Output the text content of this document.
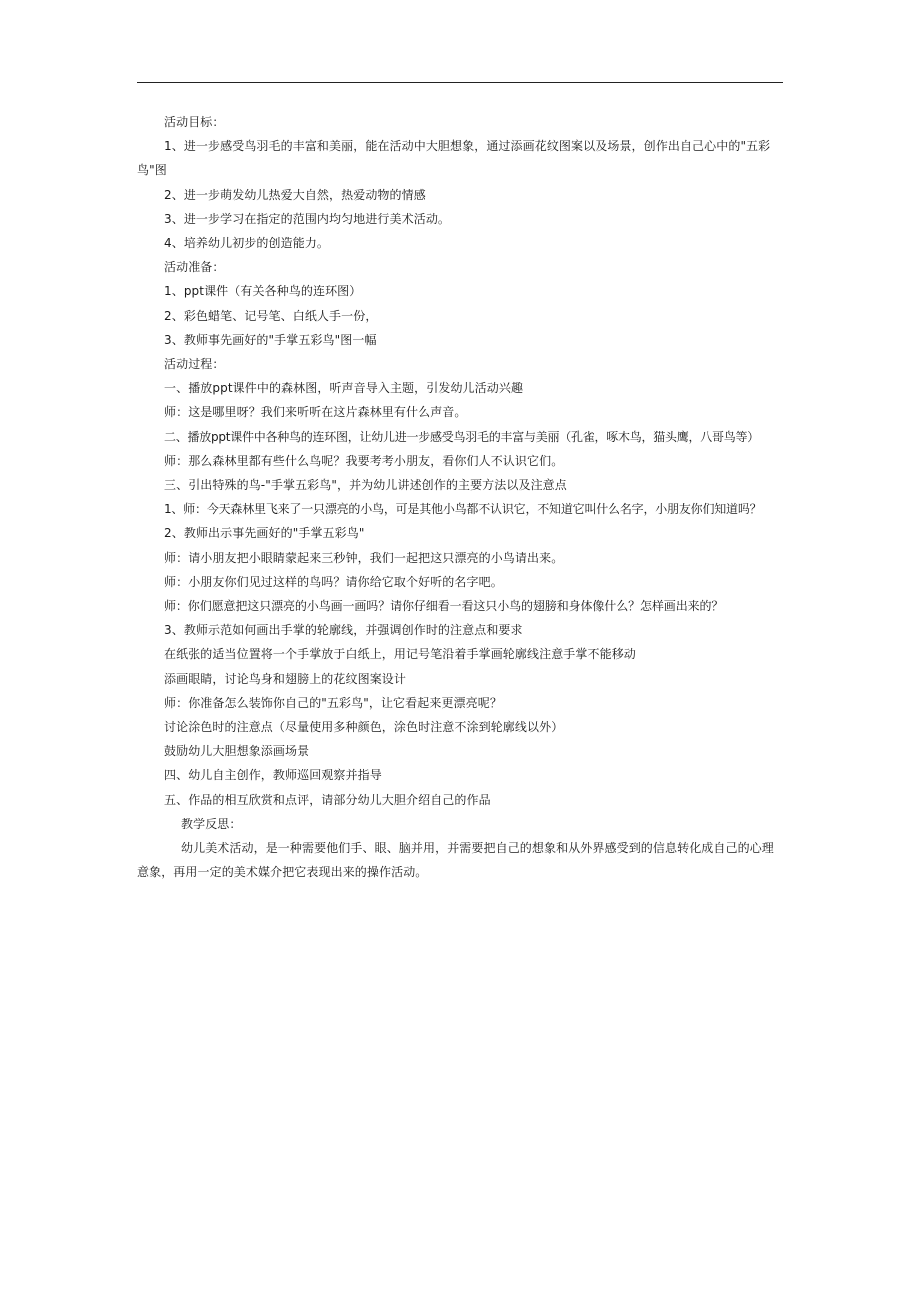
活动目标：
1、进一步感受鸟羽毛的丰富和美丽，能在活动中大胆想象，通过添画花纹图案以及场景，创作出自己心中的"五彩鸟"图
2、进一步萌发幼儿热爱大自然，热爱动物的情感
3、进一步学习在指定的范围内均匀地进行美术活动。
4、培养幼儿初步的创造能力。
活动准备：
1、ppt课件（有关各种鸟的连环图）
2、彩色蜡笔、记号笔、白纸人手一份，
3、教师事先画好的"手掌五彩鸟"图一幅
活动过程：
一、播放ppt课件中的森林图，听声音导入主题，引发幼儿活动兴趣
师：这是哪里呀？我们来听听在这片森林里有什么声音。
二、播放ppt课件中各种鸟的连环图，让幼儿进一步感受鸟羽毛的丰富与美丽（孔雀，啄木鸟，猫头鹰，八哥鸟等）
师：那么森林里都有些什么鸟呢？我要考考小朋友，看你们人不认识它们。
三、引出特殊的鸟-"手掌五彩鸟"，并为幼儿讲述创作的主要方法以及注意点
1、师：今天森林里飞来了一只漂亮的小鸟，可是其他小鸟都不认识它，不知道它叫什么名字，小朋友你们知道吗？
2、教师出示事先画好的"手掌五彩鸟"
师：请小朋友把小眼睛蒙起来三秒钟，我们一起把这只漂亮的小鸟请出来。
师：小朋友你们见过这样的鸟吗？请你给它取个好听的名字吧。
师：你们愿意把这只漂亮的小鸟画一画吗？请你仔细看一看这只小鸟的翅膀和身体像什么？怎样画出来的？
3、教师示范如何画出手掌的轮廓线，并强调创作时的注意点和要求
在纸张的适当位置将一个手掌放于白纸上，用记号笔沿着手掌画轮廓线注意手掌不能移动
添画眼睛，讨论鸟身和翅膀上的花纹图案设计
师：你准备怎么装饰你自己的"五彩鸟"，让它看起来更漂亮呢？
讨论涂色时的注意点（尽量使用多种颜色，涂色时注意不涂到轮廓线以外）
鼓励幼儿大胆想象添画场景
四、幼儿自主创作，教师巡回观察并指导
五、作品的相互欣赏和点评，请部分幼儿大胆介绍自己的作品
教学反思：
幼儿美术活动，是一种需要他们手、眼、脑并用，并需要把自己的想象和从外界感受到的信息转化成自己的心理意象，再用一定的美术媒介把它表现出来的操作活动。
